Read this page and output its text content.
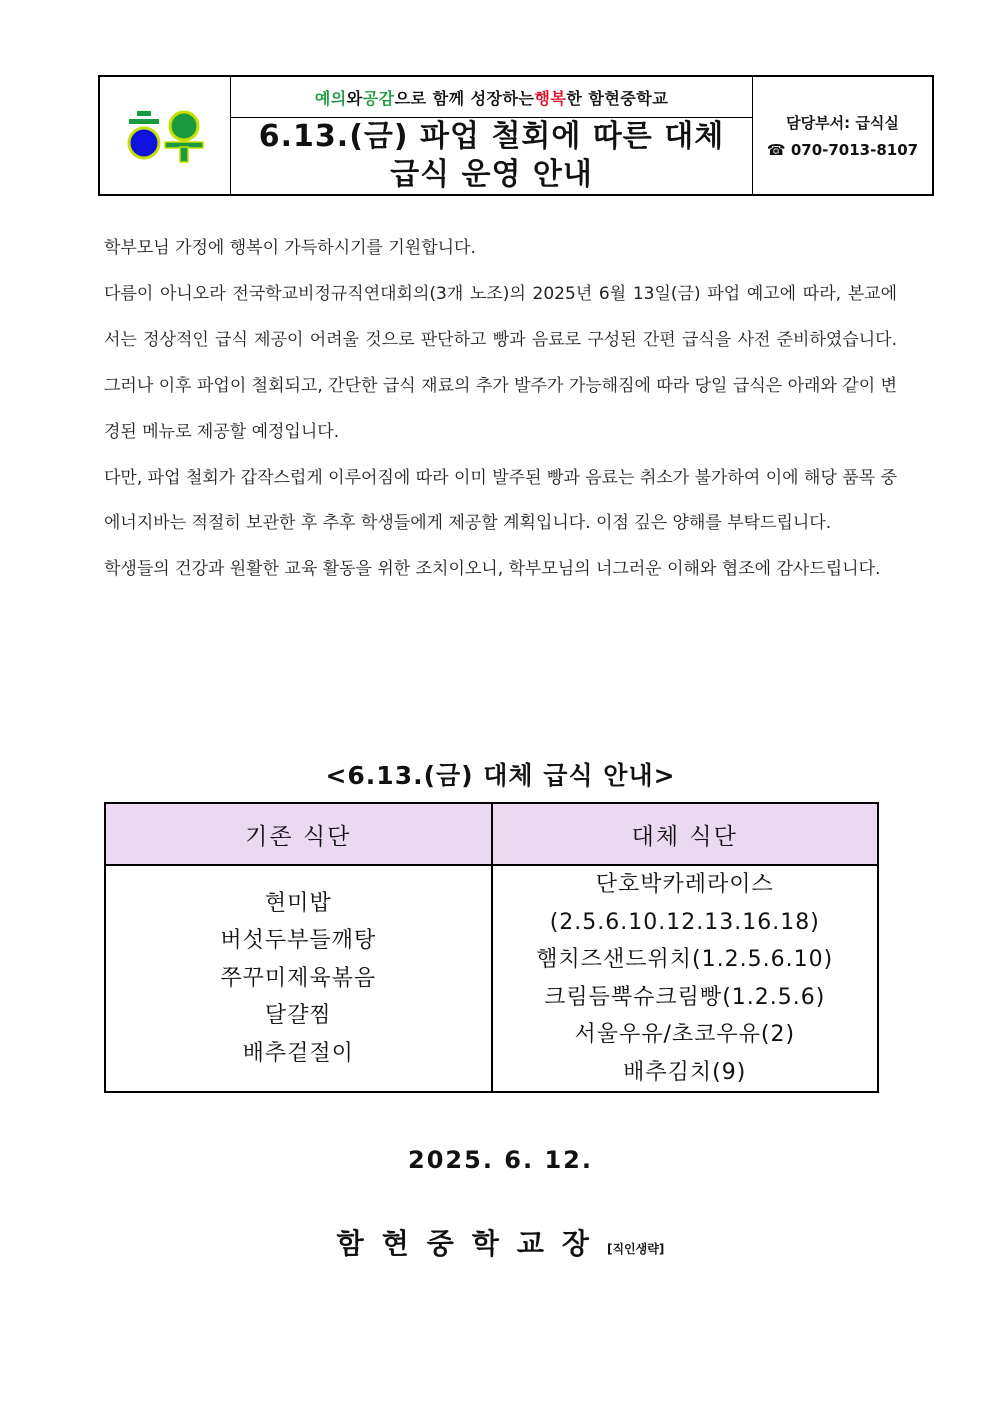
예의 와 공감 으로 함께 성장하는 행복 한 함현중학교
6.13.(금) 파업 철회에 따른 대체 급식 운영 안내
담당부서: 급식실
☎ 070-7013-8107

학부모님 가정에 행복이 가득하시기를 기원합니다.

다름이 아니오라 전국학교비정규직연대회의(3개 노조)의 2025년 6월 13일(금) 파업 예고에 따라, 본교에서는 정상적인 급식 제공이 어려울 것으로 판단하고 빵과 음료로 구성된 간편 급식을 사전 준비하였습니다. 그러나 이후 파업이 철회되고, 간단한 급식 재료의 추가 발주가 가능해짐에 따라 당일 급식은 아래와 같이 변경된 메뉴로 제공할 예정입니다.

다만, 파업 철회가 갑작스럽게 이루어짐에 따라 이미 발주된 빵과 음료는 취소가 불가하여 이에 해당 품목 중 에너지바는 적절히 보관한 후 추후 학생들에게 제공할 계획입니다. 이점 깊은 양해를 부탁드립니다.

학생들의 건강과 원활한 교육 활동을 위한 조치이오니, 학부모님의 너그러운 이해와 협조에 감사드립니다.

<6.13.(금) 대체 급식 안내>
기존 식단	대체 식단
현미밥
버섯두부들깨탕
쭈꾸미제육볶음
달걀찜
배추겉절이
단호박카레라이스
(2.5.6.10.12.13.16.18)
햄치즈샌드위치(1.2.5.6.10)
크림듬뿍슈크림빵(1.2.5.6)
서울우유/초코우유(2)
배추김치(9)
2025. 6. 12.
함현중학교장[직인생략]
